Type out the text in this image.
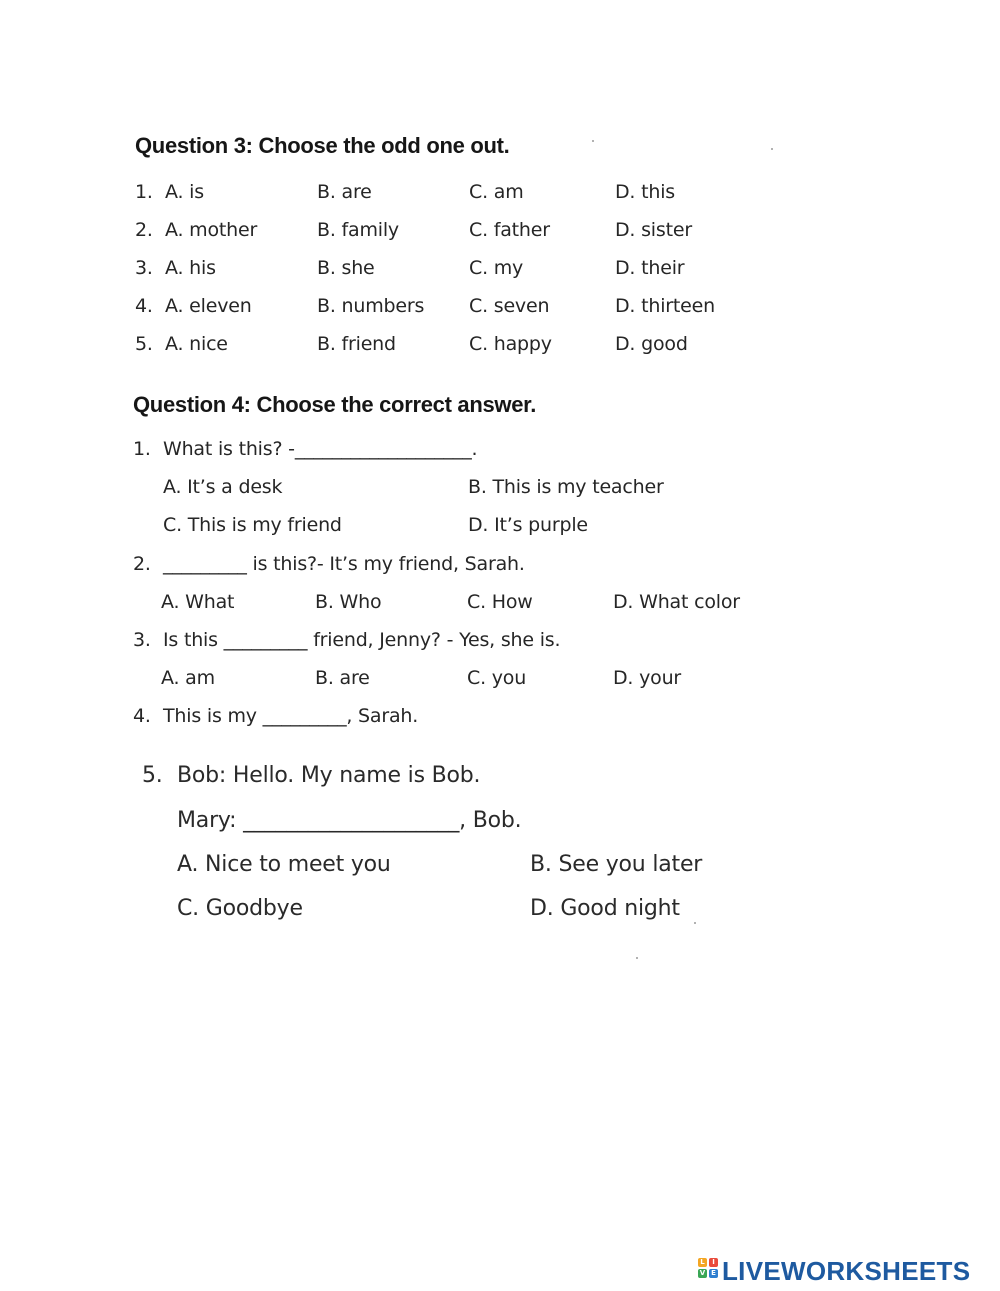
Question 3: Choose the odd one out.
1. A. is	B. are	C. am	D. this
2. A. mother	B. family	C. father	D. sister
3. A. his	B. she	C. my	D. their
4. A. eleven	B. numbers C. seven	D. thirteen
5. A. nice	B. friend	C. happy	D. good
Question 4: Choose the correct answer.
1. What is this? -___________________.
A. It’s a desk	B. This is my teacher
C. This is my friend	D. It’s purple
2. _________ is this?- It’s my friend, Sarah.
A. What	B. Who	C. How	D. What color
3. Is this _________ friend, Jenny? - Yes, she is.
A. am	B. are	C. you	D. your
4. This is my _________, Sarah.
5. Bob: Hello. My name is Bob.
Mary: ____________________, Bob.
A. Nice to meet you	B. See you later
C. Goodbye	D. Good night
L	I
V E LIVEWORKSHEETS
